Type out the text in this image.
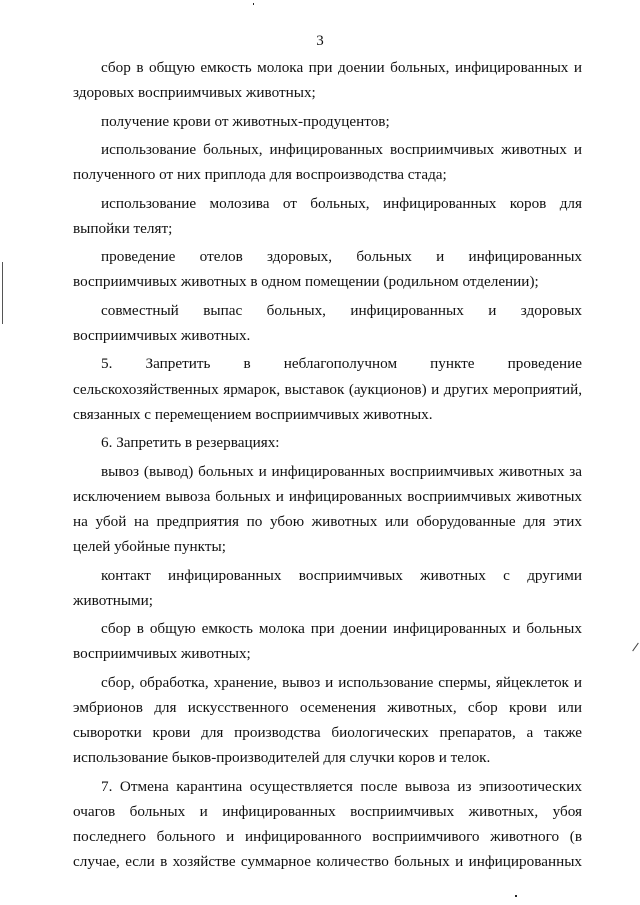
3

сбор в общую емкость молока при доении больных, инфицированных и здоровых восприимчивых животных;

получение крови от животных-продуцентов;

использование больных, инфицированных восприимчивых животных и полученного от них приплода для воспроизводства стада;

использование молозива от больных, инфицированных коров для выпойки телят;

проведение отелов здоровых, больных и инфицированных восприимчивых животных в одном помещении (родильном отделении);

совместный выпас больных, инфицированных и здоровых восприимчивых животных.

5. Запретить в неблагополучном пункте проведение сельскохозяйственных ярмарок, выставок (аукционов) и других мероприятий, связанных с перемещением восприимчивых животных.

6. Запретить в резервациях:

вывоз (вывод) больных и инфицированных восприимчивых животных за исключением вывоза больных и инфицированных восприимчивых животных на убой на предприятия по убою животных или оборудованные для этих целей убойные пункты;

контакт инфицированных восприимчивых животных с другими животными;

сбор в общую емкость молока при доении инфицированных и больных восприимчивых животных;

сбор, обработка, хранение, вывоз и использование спермы, яйцеклеток и эмбрионов для искусственного осеменения животных, сбор крови или сыворотки крови для производства биологических препаратов, а также использование быков-производителей для случки коров и телок.

7. Отмена карантина осуществляется после вывоза из эпизоотических очагов больных и инфицированных восприимчивых животных, убоя последнего больного и инфицированного восприимчивого животного (в случае, если в хозяйстве суммарное количество больных и инфицированных
